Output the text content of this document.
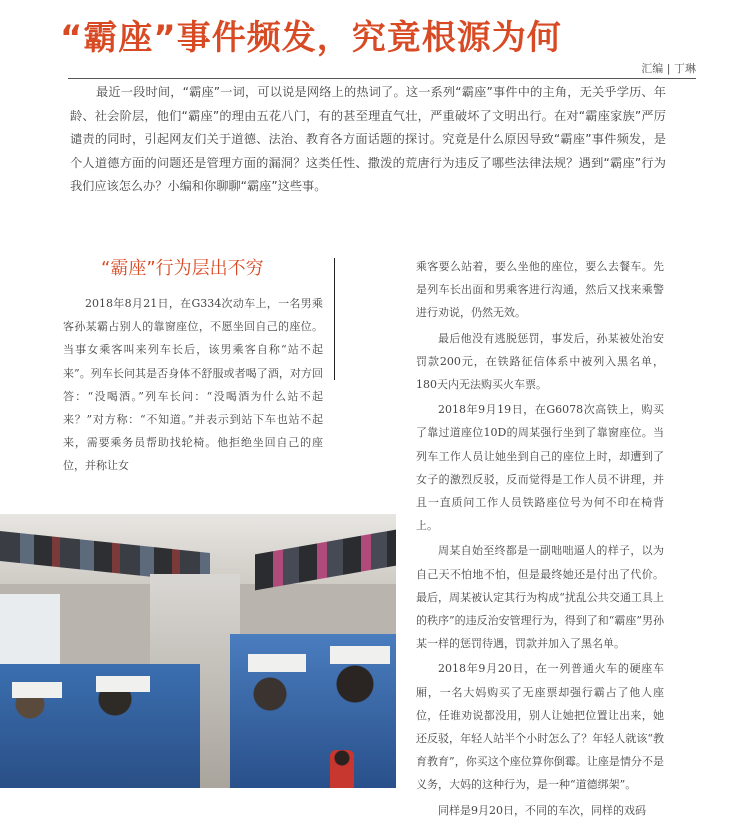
“霸座”事件频发，究竟根源为何
汇编 | 丁琳

最近一段时间，“霸座”一词，可以说是网络上的热词了。这一系列“霸座”事件中的主角，无关乎学历、年龄、社会阶层，他们“霸座”的理由五花八门，有的甚至理直气壮，严重破坏了文明出行。在对“霸座家族”严厉谴责的同时，引起网友们关于道德、法治、教育各方面话题的探讨。究竟是什么原因导致“霸座”事件频发，是个人道德方面的问题还是管理方面的漏洞？这类任性、撒泼的荒唐行为违反了哪些法律法规？遇到“霸座”行为我们应该怎么办？小编和你聊聊“霸座”这些事。

“霸座”行为层出不穷

2018年8月21日，在G334次动车上，一名男乘客孙某霸占别人的靠窗座位，不愿坐回自己的座位。当事女乘客叫来列车长后，该男乘客自称“站不起来”。列车长问其是否身体不舒服或者喝了酒，对方回答：“没喝酒。”列车长问：“没喝酒为什么站不起来？”对方称：“不知道。”并表示到站下车也站不起来，需要乘务员帮助找轮椅。他拒绝坐回自己的座位，并称让女

乘客要么站着，要么坐他的座位，要么去餐车。先是列车长出面和男乘客进行沟通，然后又找来乘警进行劝说，仍然无效。

最后他没有逃脱惩罚，事发后，孙某被处治安罚款200元，在铁路征信体系中被列入黑名单，180天内无法购买火车票。

2018年9月19日，在G6078次高铁上，购买了靠过道座位10D的周某强行坐到了靠窗座位。当列车工作人员让她坐到自己的座位上时，却遭到了女子的激烈反驳，反而觉得是工作人员不讲理，并且一直质问工作人员铁路座位号为何不印在椅背上。

周某自始至终都是一副咄咄逼人的样子，以为自己天不怕地不怕，但是最终她还是付出了代价。最后，周某被认定其行为构成“扰乱公共交通工具上的秩序”的违反治安管理行为，得到了和“霸座”男孙某一样的惩罚待遇，罚款并加入了黑名单。

2018年9月20日，在一列普通火车的硬座车厢，一名大妈购买了无座票却强行霸占了他人座位，任谁劝说都没用，别人让她把位置让出来，她还反驳，年轻人站半个小时怎么了？年轻人就该“教育教育”，你买这个座位算你倒霉。让座是情分不是义务，大妈的这种行为，是一种“道德绑架”。

同样是9月20日，不同的车次，同样的戏码
